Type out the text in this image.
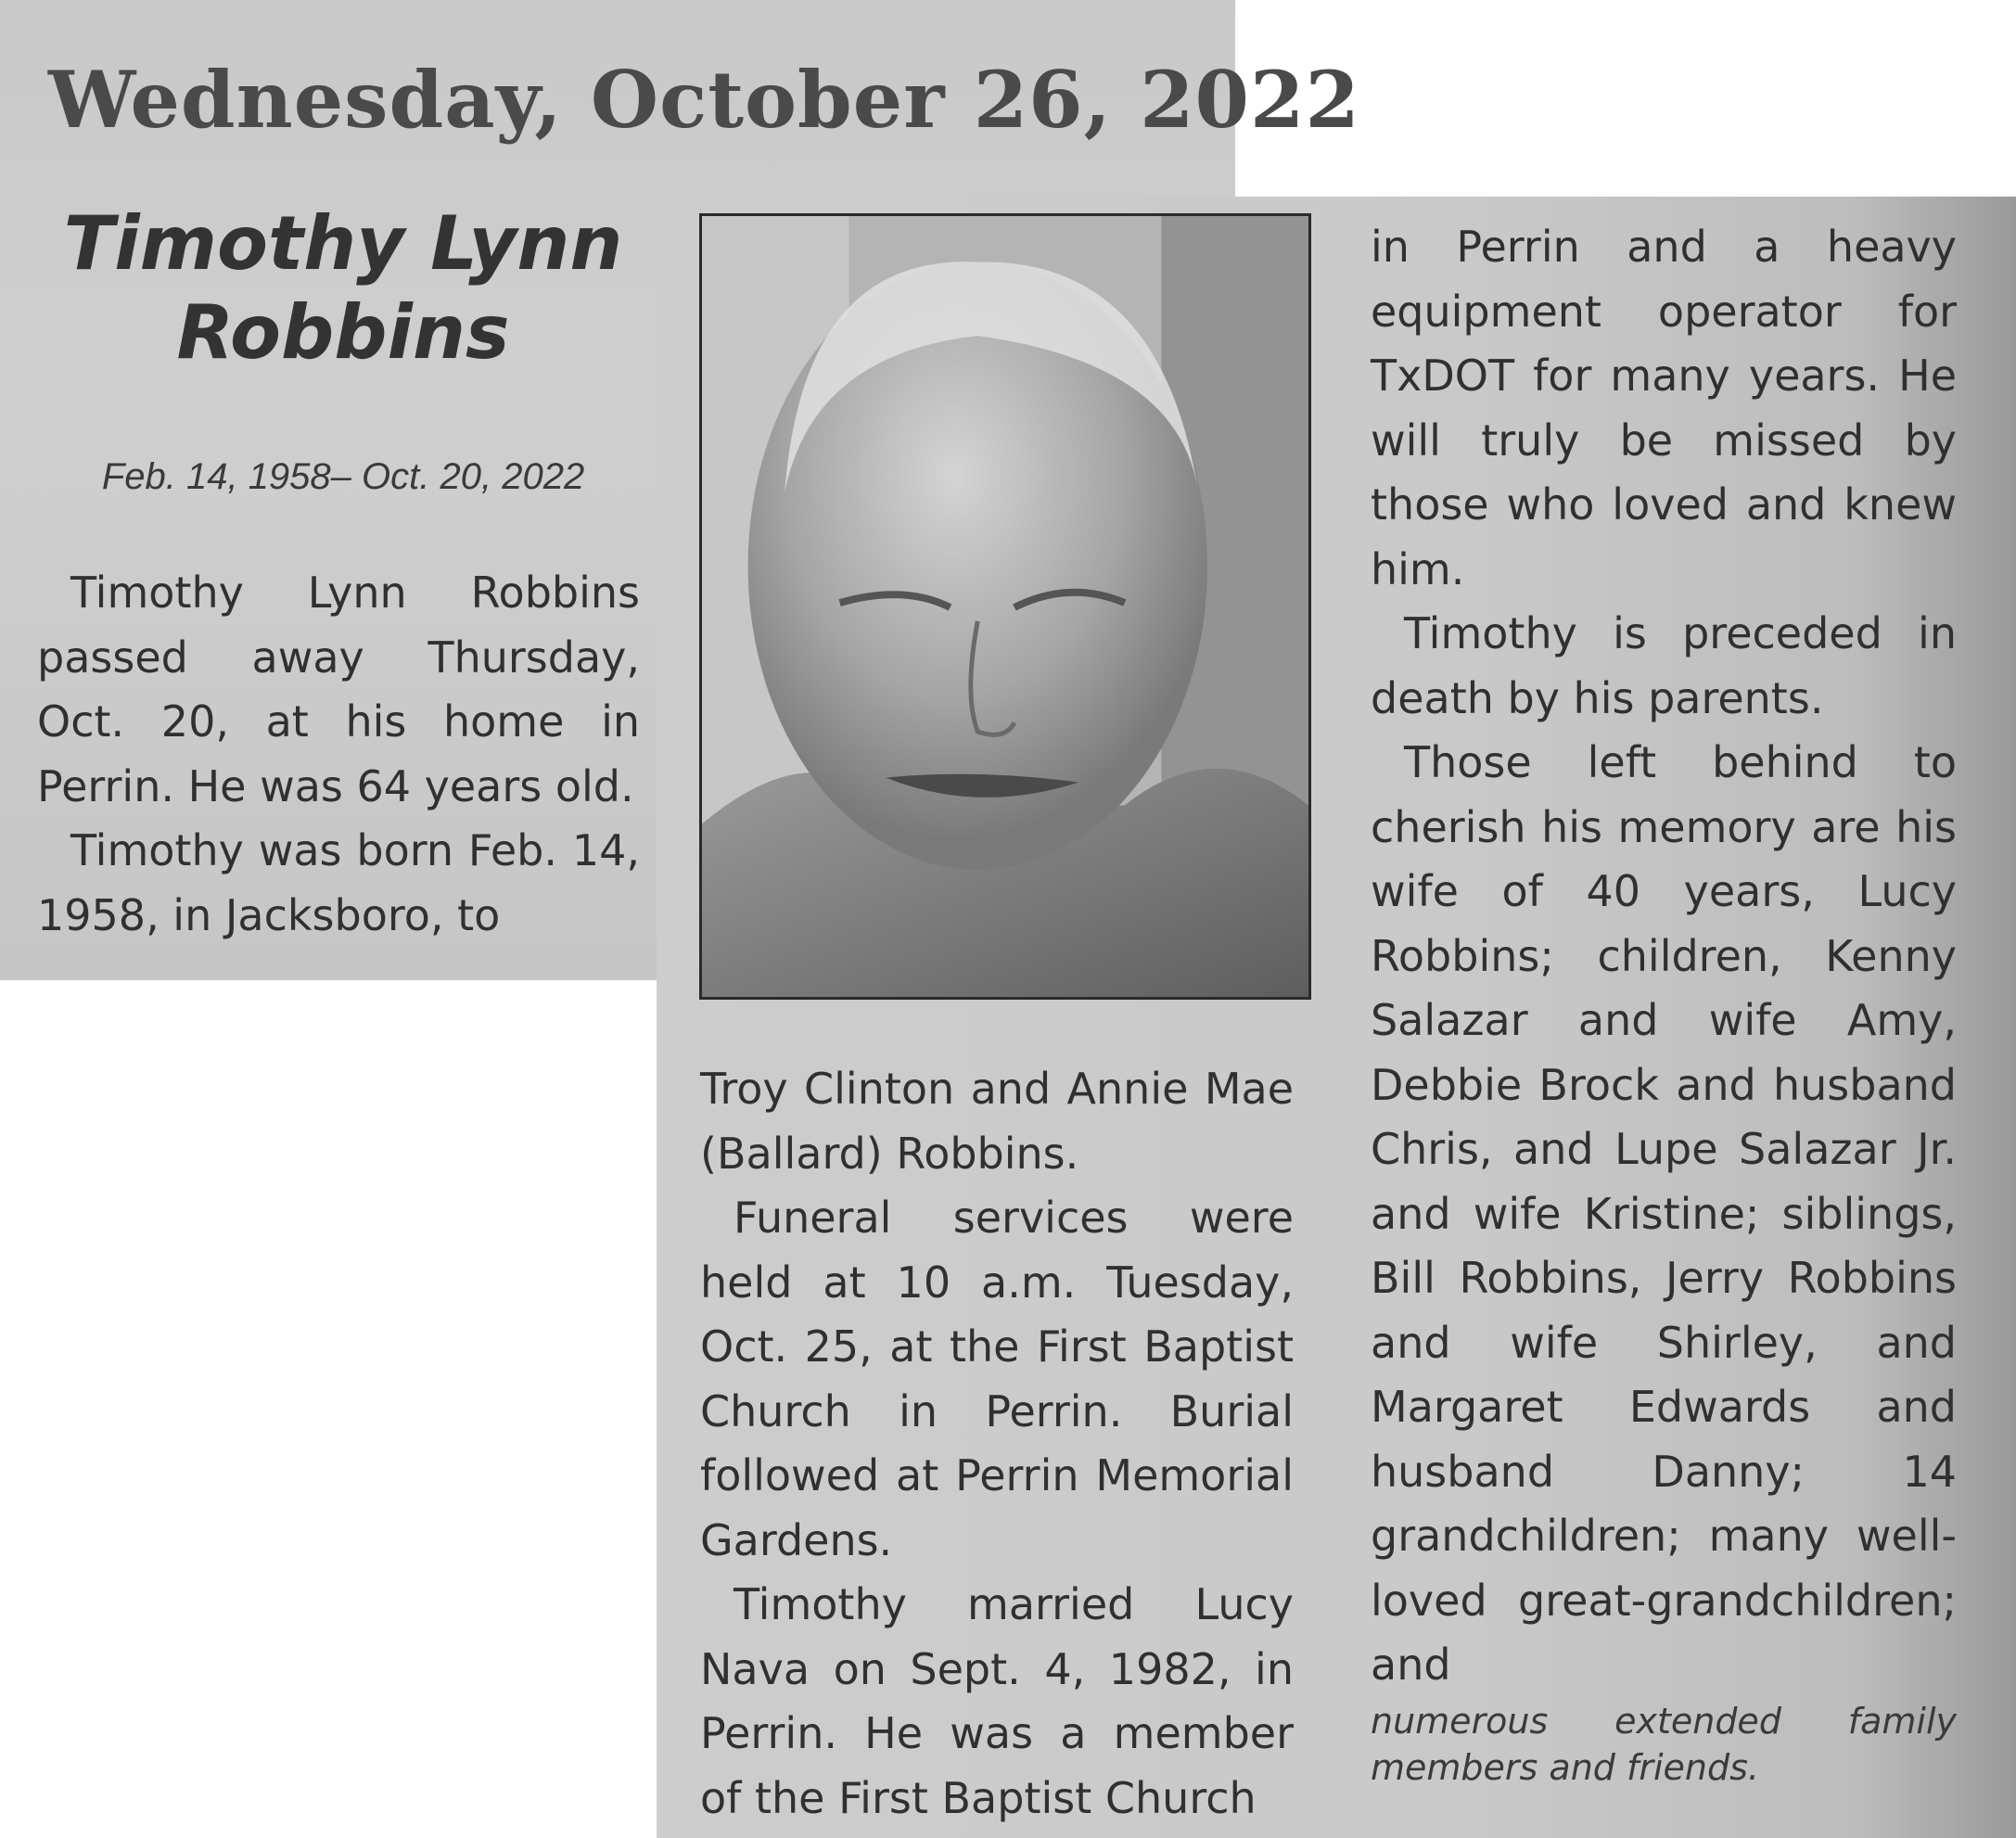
Wednesday, October 26, 2022
Timothy Lynn
Robbins
Feb. 14, 1958– Oct. 20, 2022

Timothy Lynn Robbins passed away Thursday, Oct. 20, at his home in Perrin. He was 64 years old.

Timothy was born Feb. 14, 1958, in Jacksboro, to

Troy Clinton and Annie Mae (Ballard) Robbins.

Funeral services were held at 10 a.m. Tuesday, Oct. 25, at the First Baptist Church in Perrin. Burial followed at Perrin Memorial Gardens.

Timothy married Lucy Nava on Sept. 4, 1982, in Perrin. He was a member of the First Baptist Church

in Perrin and a heavy equipment operator for TxDOT for many years. He will truly be missed by those who loved and knew him.

Timothy is preceded in death by his parents.

Those left behind to cherish his memory are his wife of 40 years, Lucy Robbins; children, Kenny Salazar and wife Amy, Debbie Brock and husband Chris, and Lupe Salazar Jr. and wife Kristine; siblings, Bill Robbins, Jerry Robbins and wife Shirley, and Margaret Edwards and husband Danny; 14 grandchildren; many well-loved great-grandchildren; and

numerous extended family members and friends.
